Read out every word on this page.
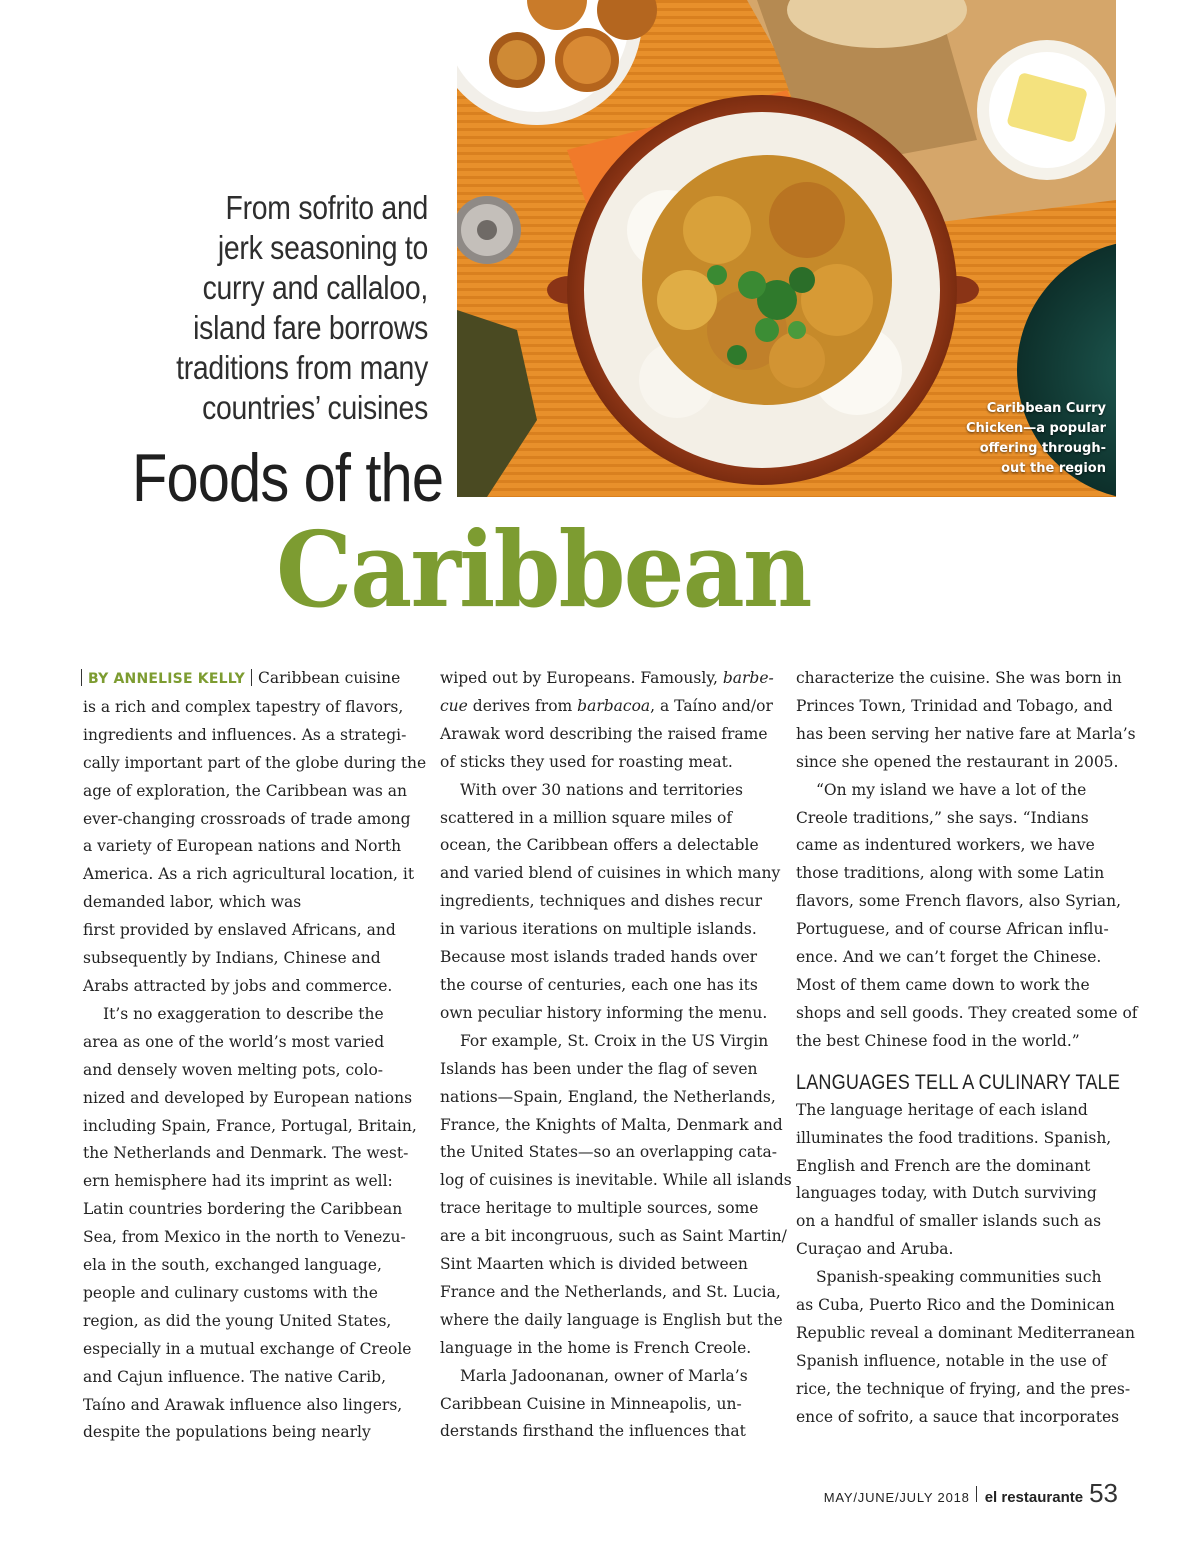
From sofrito and
jerk seasoning to
curry and callaloo,
island fare borrows
traditions from many
countries’ cuisines
Foods of the
Caribbean
Caribbean Curry
Chicken—a popular
offering through-
out the region
BY ANNELISE KELLY Caribbean cuisine
is a rich and complex tapestry of flavors,
ingredients and influences. As a strategi-
cally important part of the globe during the
age of exploration, the Caribbean was an
ever-changing crossroads of trade among
a variety of European nations and North
America. As a rich agricultural location, it
demanded labor, which was
first provided by enslaved Africans, and
subsequently by Indians, Chinese and
Arabs attracted by jobs and commerce.
It’s no exaggeration to describe the
area as one of the world’s most varied
and densely woven melting pots, colo-
nized and developed by European nations
including Spain, France, Portugal, Britain,
the Netherlands and Denmark. The west-
ern hemisphere had its imprint as well:
Latin countries bordering the Caribbean
Sea, from Mexico in the north to Venezu-
ela in the south, exchanged language,
people and culinary customs with the
region, as did the young United States,
especially in a mutual exchange of Creole
and Cajun influence. The native Carib,
Taíno and Arawak influence also lingers,
despite the populations being nearly
wiped out by Europeans. Famously, barbe-
cue derives from barbacoa, a Taíno and/or
Arawak word describing the raised frame
of sticks they used for roasting meat.
With over 30 nations and territories
scattered in a million square miles of
ocean, the Caribbean offers a delectable
and varied blend of cuisines in which many
ingredients, techniques and dishes recur
in various iterations on multiple islands.
Because most islands traded hands over
the course of centuries, each one has its
own peculiar history informing the menu.
For example, St. Croix in the US Virgin
Islands has been under the flag of seven
nations—Spain, England, the Netherlands,
France, the Knights of Malta, Denmark and
the United States—so an overlapping cata-
log of cuisines is inevitable. While all islands
trace heritage to multiple sources, some
are a bit incongruous, such as Saint Martin/
Sint Maarten which is divided between
France and the Netherlands, and St. Lucia,
where the daily language is English but the
language in the home is French Creole.
Marla Jadoonanan, owner of Marla’s
Caribbean Cuisine in Minneapolis, un-
derstands firsthand the influences that
characterize the cuisine. She was born in
Princes Town, Trinidad and Tobago, and
has been serving her native fare at Marla’s
since she opened the restaurant in 2005.
“On my island we have a lot of the
Creole traditions,” she says. “Indians
came as indentured workers, we have
those traditions, along with some Latin
flavors, some French flavors, also Syrian,
Portuguese, and of course African influ-
ence. And we can’t forget the Chinese.
Most of them came down to work the
shops and sell goods. They created some of
the best Chinese food in the world.”
LANGUAGES TELL A CULINARY TALE
The language heritage of each island
illuminates the food traditions. Spanish,
English and French are the dominant
languages today, with Dutch surviving
on a handful of smaller islands such as
Curaçao and Aruba.
Spanish-speaking communities such
as Cuba, Puerto Rico and the Dominican
Republic reveal a dominant Mediterranean
Spanish influence, notable in the use of
rice, the technique of frying, and the pres-
ence of sofrito, a sauce that incorporates
MAY/JUNE/JULY 2018 el restaurante 53
